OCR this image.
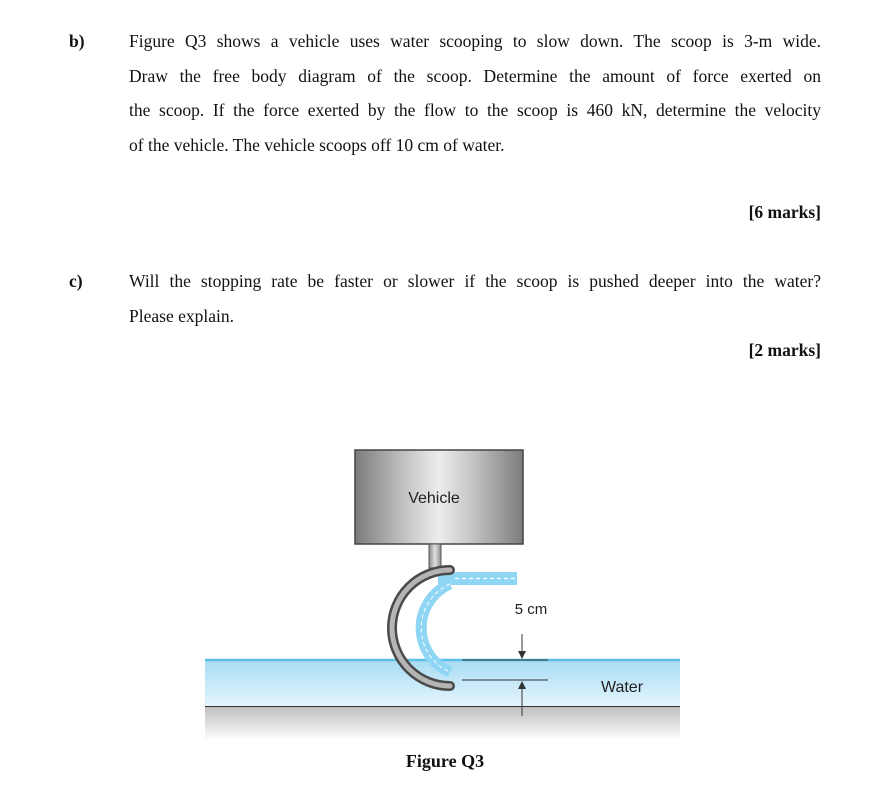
b)	Figure Q3 shows a vehicle uses water scooping to slow down. The scoop is 3-m wide.
Draw the free body diagram of the scoop. Determine the amount of force exerted on
the scoop. If the force exerted by the flow to the scoop is 460 kN, determine the velocity
of the vehicle. The vehicle scoops off 10 cm of water.
[6 marks]
c)	Will the stopping rate be faster or slower if the scoop is pushed deeper into the water?
Please explain.
[2 marks]
Vehicle
5 cm
Water
Figure Q3
